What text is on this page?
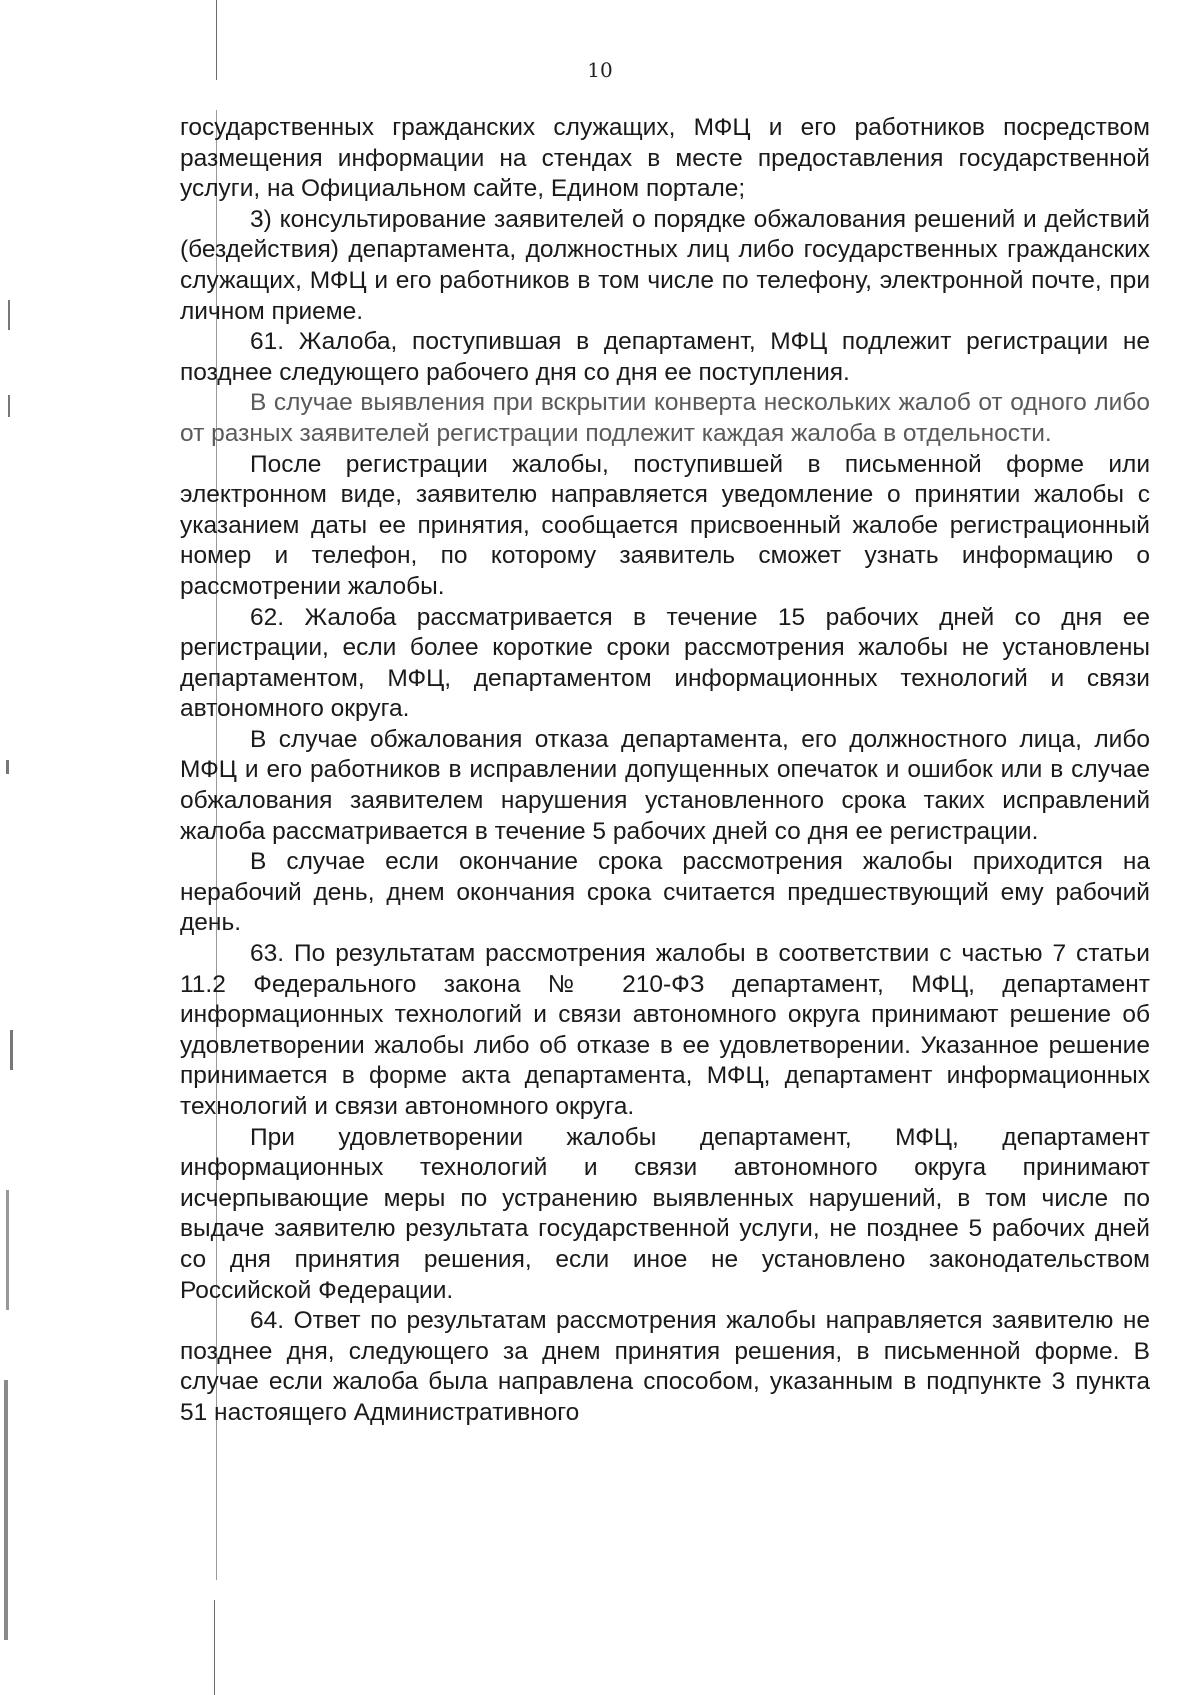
10

государственных гражданских служащих, МФЦ и его работников посредством размещения информации на стендах в месте предоставления государственной услуги, на Официальном сайте, Едином портале;

3) консультирование заявителей о порядке обжалования решений и действий (бездействия) департамента, должностных лиц либо государственных гражданских служащих, МФЦ и его работников в том числе по телефону, электронной почте, при личном приеме.

61. Жалоба, поступившая в департамент, МФЦ подлежит регистрации не позднее следующего рабочего дня со дня ее поступления.

В случае выявления при вскрытии конверта нескольких жалоб от одного либо от разных заявителей регистрации подлежит каждая жалоба в отдельности.

После регистрации жалобы, поступившей в письменной форме или электронном виде, заявителю направляется уведомление о принятии жалобы с указанием даты ее принятия, сообщается присвоенный жалобе регистрационный номер и телефон, по которому заявитель сможет узнать информацию о рассмотрении жалобы.

62. Жалоба рассматривается в течение 15 рабочих дней со дня ее регистрации, если более короткие сроки рассмотрения жалобы не установлены департаментом, МФЦ, департаментом информационных технологий и связи автономного округа.

В случае обжалования отказа департамента, его должностного лица, либо МФЦ и его работников в исправлении допущенных опечаток и ошибок или в случае обжалования заявителем нарушения установленного срока таких исправлений жалоба рассматривается в течение 5 рабочих дней со дня ее регистрации.

В случае если окончание срока рассмотрения жалобы приходится на нерабочий день, днем окончания срока считается предшествующий ему рабочий день.

63. По результатам рассмотрения жалобы в соответствии с частью 7 статьи 11.2 Федерального закона № 210-ФЗ департамент, МФЦ, департамент информационных технологий и связи автономного округа принимают решение об удовлетворении жалобы либо об отказе в ее удовлетворении. Указанное решение принимается в форме акта департамента, МФЦ, департамент информационных технологий и связи автономного округа.

При удовлетворении жалобы департамент, МФЦ, департамент информационных технологий и связи автономного округа принимают исчерпывающие меры по устранению выявленных нарушений, в том числе по выдаче заявителю результата государственной услуги, не позднее 5 рабочих дней со дня принятия решения, если иное не установлено законодательством Российской Федерации.

64. Ответ по результатам рассмотрения жалобы направляется заявителю не позднее дня, следующего за днем принятия решения, в письменной форме. В случае если жалоба была направлена способом, указанным в подпункте 3 пункта 51 настоящего Административного
